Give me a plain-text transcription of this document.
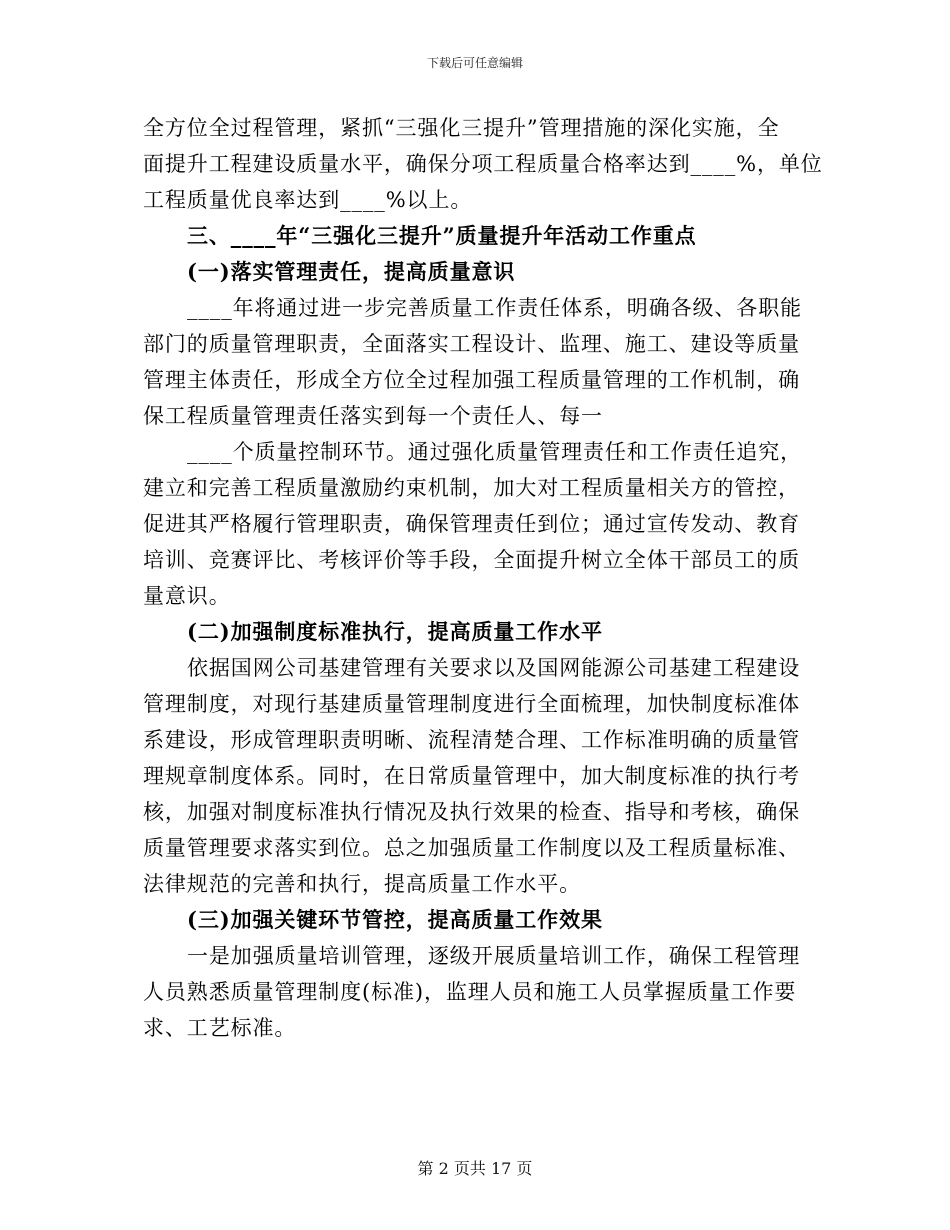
下载后可任意编辑
全方位全过程管理，紧抓“三强化三提升”管理措施的深化实施，全
面提升工程建设质量水平，确保分项工程质量合格率达到____%，单位
工程质量优良率达到____%以上。
三、____年“三强化三提升”质量提升年活动工作重点
(一)落实管理责任，提高质量意识
____年将通过进一步完善质量工作责任体系，明确各级、各职能
部门的质量管理职责，全面落实工程设计、监理、施工、建设等质量
管理主体责任，形成全方位全过程加强工程质量管理的工作机制，确
保工程质量管理责任落实到每一个责任人、每一
____个质量控制环节。通过强化质量管理责任和工作责任追究，
建立和完善工程质量激励约束机制，加大对工程质量相关方的管控，
促进其严格履行管理职责，确保管理责任到位；通过宣传发动、教育
培训、竞赛评比、考核评价等手段，全面提升树立全体干部员工的质
量意识。
(二)加强制度标准执行，提高质量工作水平
依据国网公司基建管理有关要求以及国网能源公司基建工程建设
管理制度，对现行基建质量管理制度进行全面梳理，加快制度标准体
系建设，形成管理职责明晰、流程清楚合理、工作标准明确的质量管
理规章制度体系。同时，在日常质量管理中，加大制度标准的执行考
核，加强对制度标准执行情况及执行效果的检查、指导和考核，确保
质量管理要求落实到位。总之加强质量工作制度以及工程质量标准、
法律规范的完善和执行，提高质量工作水平。
(三)加强关键环节管控，提高质量工作效果
一是加强质量培训管理，逐级开展质量培训工作，确保工程管理
人员熟悉质量管理制度(标准)，监理人员和施工人员掌握质量工作要
求、工艺标准。
第 2 页共 17 页
